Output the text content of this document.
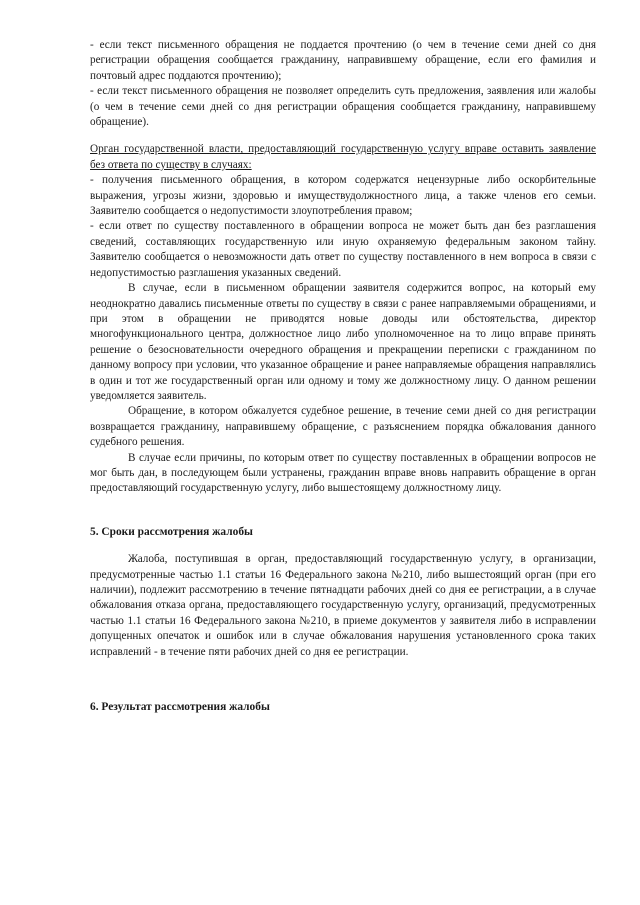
- если текст письменного обращения не поддается прочтению (о чем в течение семи дней со дня регистрации обращения сообщается гражданину, направившему обращение, если его фамилия и почтовый адрес поддаются прочтению);

- если текст письменного обращения не позволяет определить суть предложения, заявления или жалобы (о чем в течение семи дней со дня регистрации обращения сообщается гражданину, направившему обращение).

Орган государственной власти, предоставляющий государственную услугу вправе оставить заявление без ответа по существу в случаях:

- получения письменного обращения, в котором содержатся нецензурные либо оскорбительные выражения, угрозы жизни, здоровью и имуществудолжностного лица, а также членов его семьи. Заявителю сообщается о недопустимости злоупотребления правом;

- если ответ по существу поставленного в обращении вопроса не может быть дан без разглашения сведений, составляющих государственную или иную охраняемую федеральным законом тайну. Заявителю сообщается о невозможности дать ответ по существу поставленного в нем вопроса в связи с недопустимостью разглашения указанных сведений.

В случае, если в письменном обращении заявителя содержится вопрос, на который ему неоднократно давались письменные ответы по существу в связи с ранее направляемыми обращениями, и при этом в обращении не приводятся новые доводы или обстоятельства, директор многофункционального центра, должностное лицо либо уполномоченное на то лицо вправе принять решение о безосновательности очередного обращения и прекращении переписки с гражданином по данному вопросу при условии, что указанное обращение и ранее направляемые обращения направлялись в один и тот же государственный орган или одному и тому же должностному лицу. О данном решении уведомляется заявитель.

Обращение, в котором обжалуется судебное решение, в течение семи дней со дня регистрации возвращается гражданину, направившему обращение, с разъяснением порядка обжалования данного судебного решения.

В случае если причины, по которым ответ по существу поставленных в обращении вопросов не мог быть дан, в последующем были устранены, гражданин вправе вновь направить обращение в орган предоставляющий государственную услугу, либо вышестоящему должностному лицу.

5. Сроки рассмотрения жалобы

Жалоба, поступившая в орган, предоставляющий государственную услугу, в организации, предусмотренные частью 1.1 статьи 16 Федерального закона №210, либо вышестоящий орган (при его наличии), подлежит рассмотрению в течение пятнадцати рабочих дней со дня ее регистрации, а в случае обжалования отказа органа, предоставляющего государственную услугу, организаций, предусмотренных частью 1.1 статьи 16 Федерального закона №210, в приеме документов у заявителя либо в исправлении допущенных опечаток и ошибок или в случае обжалования нарушения установленного срока таких исправлений - в течение пяти рабочих дней со дня ее регистрации.

6. Результат рассмотрения жалобы
